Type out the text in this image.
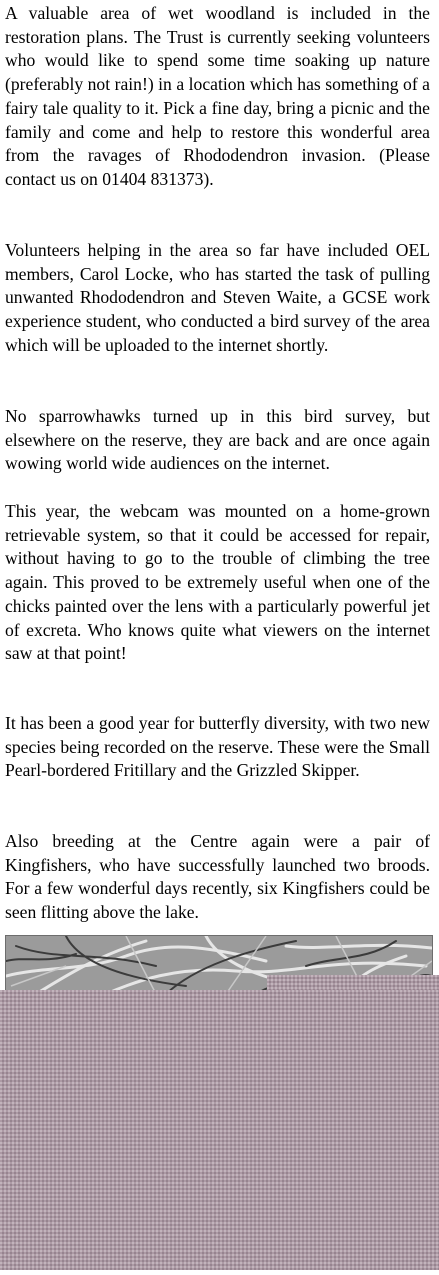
A valuable area of wet woodland is included in the restoration plans. The Trust is currently seeking volunteers who would like to spend some time soaking up nature (preferably not rain!) in a location which has something of a fairy tale quality to it. Pick a fine day, bring a picnic and the family and come and help to restore this wonderful area from the ravages of Rhododendron invasion. (Please contact us on 01404 831373).

Volunteers helping in the area so far have included OEL members, Carol Locke, who has started the task of pulling unwanted Rhododendron and Steven Waite, a GCSE work experience student, who conducted a bird survey of the area which will be uploaded to the internet shortly.

No sparrowhawks turned up in this bird survey, but elsewhere on the reserve, they are back and are once again wowing world wide audiences on the internet.

This year, the webcam was mounted on a home-grown retrievable system, so that it could be accessed for repair, without having to go to the trouble of climbing the tree again. This proved to be extremely useful when one of the chicks painted over the lens with a particularly powerful jet of excreta. Who knows quite what viewers on the internet saw at that point!

It has been a good year for butterfly diversity, with two new species being recorded on the reserve. These were the Small Pearl-bordered Fritillary and the Grizzled Skipper.

Also breeding at the Centre again were a pair of Kingfishers, who have successfully launched two broods. For a few wonderful days recently, six Kingfishers could be seen flitting above the lake.
